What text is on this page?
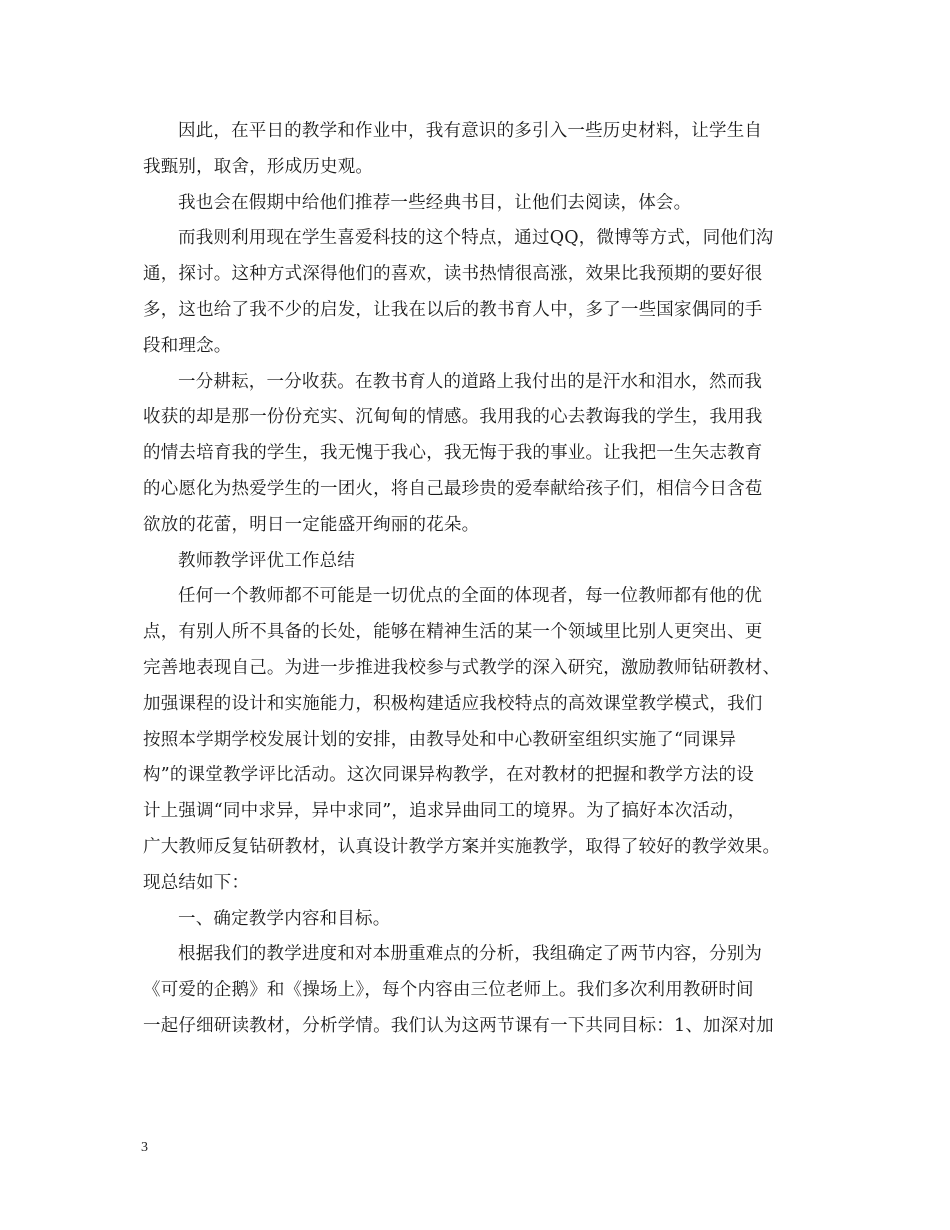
因此，在平日的教学和作业中，我有意识的多引入一些历史材料，让学生自
我甄别，取舍，形成历史观。
我也会在假期中给他们推荐一些经典书目，让他们去阅读，体会。
而我则利用现在学生喜爱科技的这个特点，通过QQ，微博等方式，同他们沟
通，探讨。这种方式深得他们的喜欢，读书热情很高涨，效果比我预期的要好很
多，这也给了我不少的启发，让我在以后的教书育人中，多了一些国家偶同的手
段和理念。
一分耕耘，一分收获。在教书育人的道路上我付出的是汗水和泪水，然而我
收获的却是那一份份充实、沉甸甸的情感。我用我的心去教诲我的学生，我用我
的情去培育我的学生，我无愧于我心，我无悔于我的事业。让我把一生矢志教育
的心愿化为热爱学生的一团火，将自己最珍贵的爱奉献给孩子们，相信今日含苞
欲放的花蕾，明日一定能盛开绚丽的花朵。
教师教学评优工作总结
任何一个教师都不可能是一切优点的全面的体现者，每一位教师都有他的优
点，有别人所不具备的长处，能够在精神生活的某一个领域里比别人更突出、更
完善地表现自己。为进一步推进我校参与式教学的深入研究，激励教师钻研教材、
加强课程的设计和实施能力，积极构建适应我校特点的高效课堂教学模式，我们
按照本学期学校发展计划的安排，由教导处和中心教研室组织实施了“同课异
构”的课堂教学评比活动。这次同课异构教学，在对教材的把握和教学方法的设
计上强调“同中求异，异中求同”，追求异曲同工的境界。为了搞好本次活动，
广大教师反复钻研教材，认真设计教学方案并实施教学，取得了较好的教学效果。
现总结如下：
一、确定教学内容和目标。
根据我们的教学进度和对本册重难点的分析，我组确定了两节内容，分别为
《可爱的企鹅》和《操场上》，每个内容由三位老师上。我们多次利用教研时间
一起仔细研读教材，分析学情。我们认为这两节课有一下共同目标：1、加深对加
3
